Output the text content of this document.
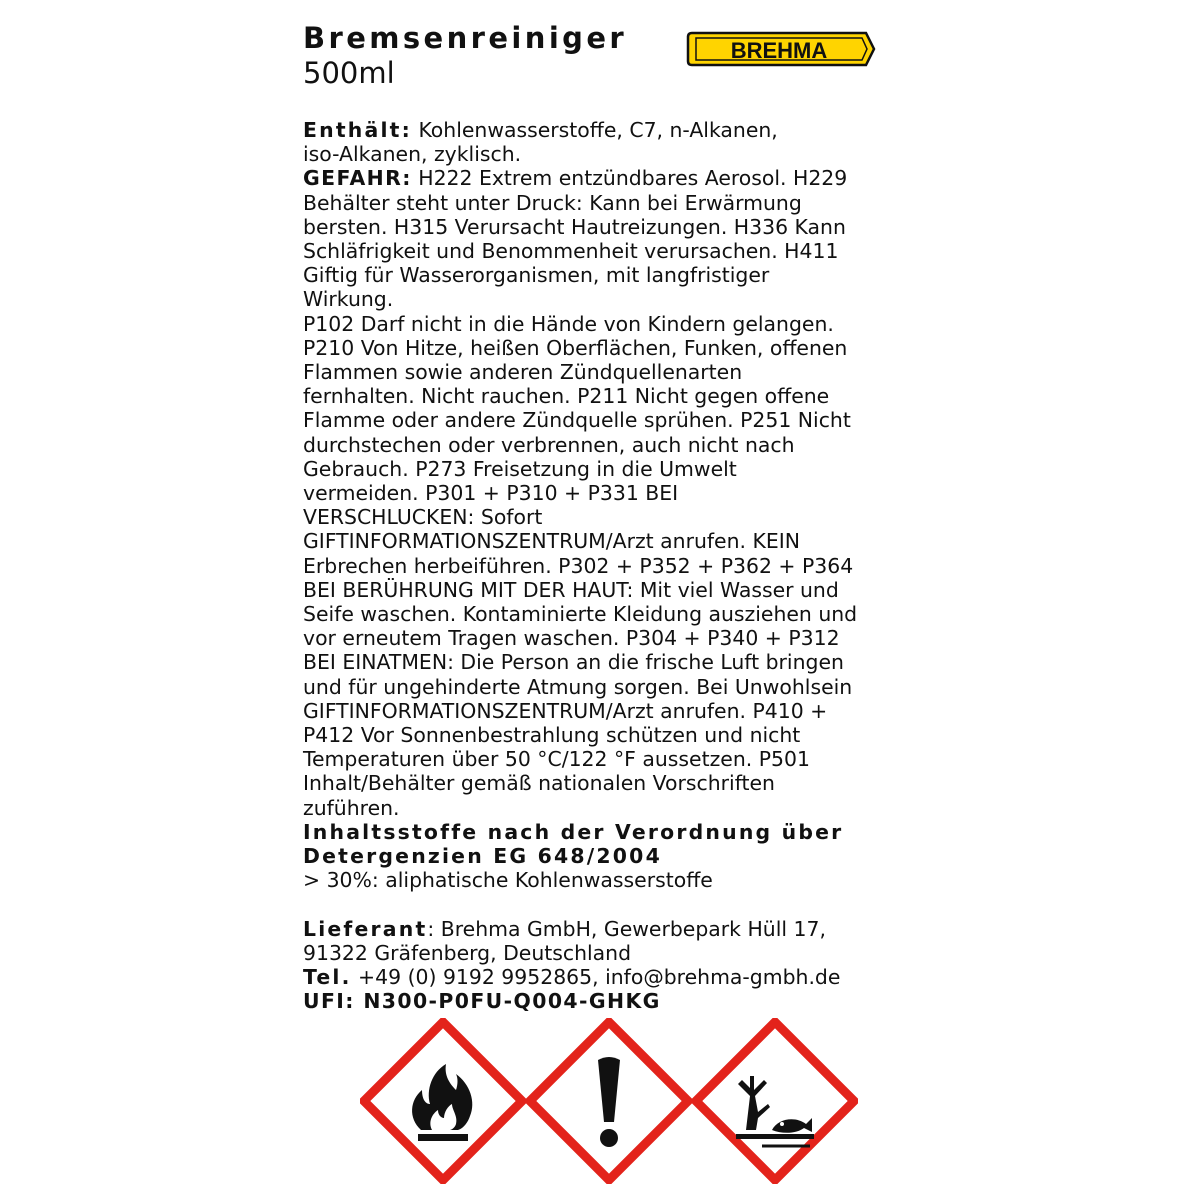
Bremsenreiniger

500ml

BREHMA

Enthält: Kohlenwasserstoffe, C7, n-Alkanen,

iso-Alkanen, zyklisch.

GEFAHR: H222 Extrem entzündbares Aerosol. H229

Behälter steht unter Druck: Kann bei Erwärmung

bersten. H315 Verursacht Hautreizungen. H336 Kann

Schläfrigkeit und Benommenheit verursachen. H411

Giftig für Wasserorganismen, mit langfristiger

Wirkung.

P102 Darf nicht in die Hände von Kindern gelangen.

P210 Von Hitze, heißen Oberflächen, Funken, offenen

Flammen sowie anderen Zündquellenarten

fernhalten. Nicht rauchen. P211 Nicht gegen offene

Flamme oder andere Zündquelle sprühen. P251 Nicht

durchstechen oder verbrennen, auch nicht nach

Gebrauch. P273 Freisetzung in die Umwelt

vermeiden. P301 + P310 + P331 BEI

VERSCHLUCKEN: Sofort

GIFTINFORMATIONSZENTRUM/Arzt anrufen. KEIN

Erbrechen herbeiführen. P302 + P352 + P362 + P364

BEI BERÜHRUNG MIT DER HAUT: Mit viel Wasser und

Seife waschen. Kontaminierte Kleidung ausziehen und

vor erneutem Tragen waschen. P304 + P340 + P312

BEI EINATMEN: Die Person an die frische Luft bringen

und für ungehinderte Atmung sorgen. Bei Unwohlsein

GIFTINFORMATIONSZENTRUM/Arzt anrufen. P410 +

P412 Vor Sonnenbestrahlung schützen und nicht

Temperaturen über 50 °C/122 °F aussetzen. P501

Inhalt/Behälter gemäß nationalen Vorschriften

zuführen.

Inhaltsstoffe nach der Verordnung über

Detergenzien EG 648/2004

> 30%: aliphatische Kohlenwasserstoffe

Lieferant: Brehma GmbH, Gewerbepark Hüll 17,

91322 Gräfenberg, Deutschland

Tel. +49 (0) 9192 9952865, info@brehma-gmbh.de

UFI: N300-P0FU-Q004-GHKG
